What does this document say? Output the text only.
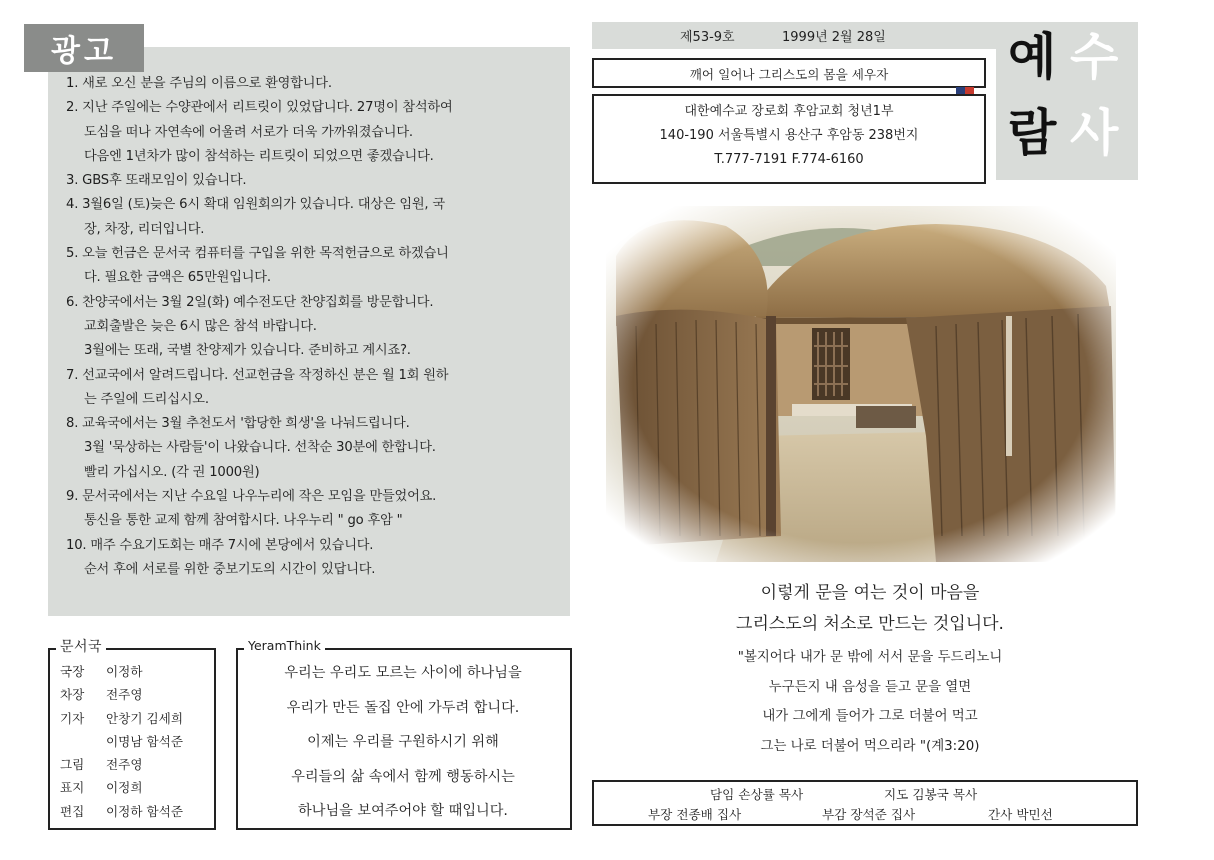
광고
1. 새로 오신 분을 주님의 이름으로 환영합니다.
2. 지난 주일에는 수양관에서 리트릿이 있었답니다. 27명이 참석하여
도심을 떠나 자연속에 어울려 서로가 더욱 가까워졌습니다.
다음엔 1년차가 많이 참석하는 리트릿이 되었으면 좋겠습니다.
3. GBS후 또래모임이 있습니다.
4. 3월6일 (토)늦은 6시 확대 임원회의가 있습니다. 대상은 임원, 국
장, 차장, 리더입니다.
5. 오늘 헌금은 문서국 컴퓨터를 구입을 위한 목적헌금으로 하겠습니
다. 필요한 금액은 65만원입니다.
6. 찬양국에서는 3월 2일(화) 예수전도단 찬양집회를 방문합니다.
교회출발은 늦은 6시 많은 참석 바랍니다.
3월에는 또래, 국별 찬양제가 있습니다. 준비하고 계시죠?.
7. 선교국에서 알려드립니다. 선교헌금을 작정하신 분은 월 1회 원하
는 주일에 드리십시오.
8. 교육국에서는 3월 추천도서 '합당한 희생'을 나눠드립니다.
3월 '묵상하는 사람들'이 나왔습니다. 선착순 30분에 한합니다.
빨리 가십시오. (각 권 1000원)
9. 문서국에서는 지난 수요일 나우누리에 작은 모임을 만들었어요.
통신을 통한 교제 함께 참여합시다. 나우누리 " go 후암 "
10. 매주 수요기도회는 매주 7시에 본당에서 있습니다.
순서 후에 서로를 위한 중보기도의 시간이 있답니다.
문서국
국장	이정하
차장	전주영
기자	안창기 김세희
이명남 함석준
그림	전주영
표지	이정희
편집	이정하 함석준
YeramThink
우리는 우리도 모르는 사이에 하나님을
우리가 만든 돌집 안에 가두려 합니다.
이제는 우리를 구원하시기 위해
우리들의 삶 속에서 함께 행동하시는
하나님을 보여주어야 할 때입니다.
제53-9호	1999년 2월 28일
깨어 일어나 그리스도의 몸을 세우자
대한예수교 장로회 후암교회 청년1부
140-190 서울특별시 용산구 후암동 238번지
T.777-7191 F.774-6160
예 수
람 사
이렇게 문을 여는 것이 마음을
그리스도의 처소로 만드는 것입니다.
"볼지어다 내가 문 밖에 서서 문을 두드리노니
누구든지 내 음성을 듣고 문을 열면
내가 그에게 들어가 그로 더불어 먹고
그는 나로 더불어 먹으리라 "(계3:20)
담임 손상률 목사	지도 김봉국 목사
부장 전종배 집사	부감 장석준 집사	간사 박민선
